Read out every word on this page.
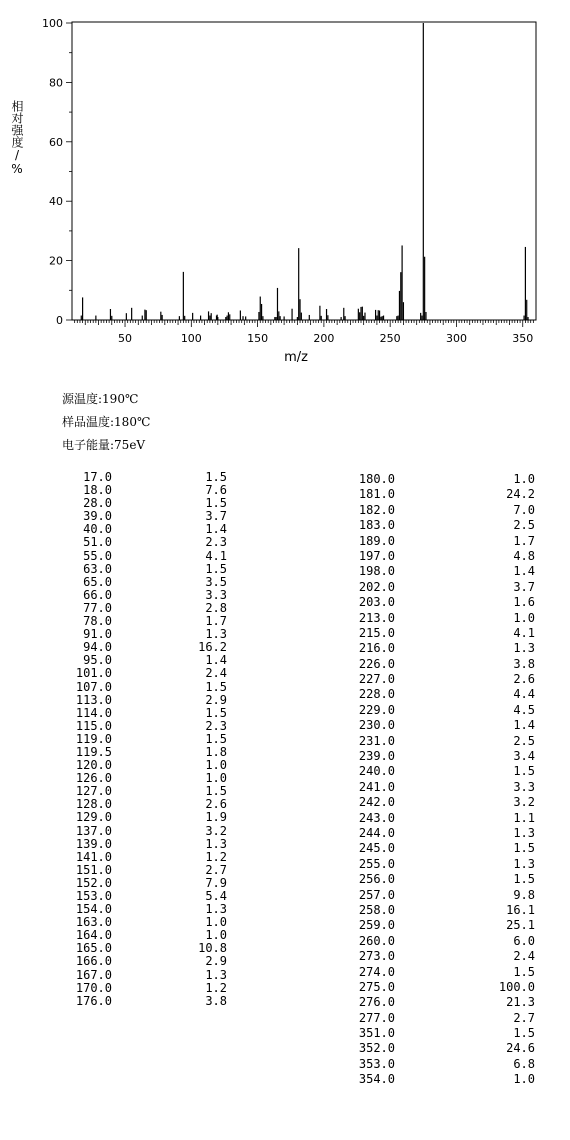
50	100	150	200	250	300	350
0
20
40
60
80
100
m/z
相对强度/%
源温度:190℃
样品温度:180℃
电子能量:75eV
17.0	1.5
18.0	7.6
28.0	1.5
39.0	3.7
40.0	1.4
51.0	2.3
55.0	4.1
63.0	1.5
65.0	3.5
66.0	3.3
77.0	2.8
78.0	1.7
91.0	1.3
94.0	16.2
95.0	1.4
101.0	2.4
107.0	1.5
113.0	2.9
114.0	1.5
115.0	2.3
119.0	1.5
119.5	1.8
120.0	1.0
126.0	1.0
127.0	1.5
128.0	2.6
129.0	1.9
137.0	3.2
139.0	1.3
141.0	1.2
151.0	2.7
152.0	7.9
153.0	5.4
154.0	1.3
163.0	1.0
164.0	1.0
165.0	10.8
166.0	2.9
167.0	1.3
170.0	1.2
176.0	3.8
180.0	1.0
181.0	24.2
182.0	7.0
183.0	2.5
189.0	1.7
197.0	4.8
198.0	1.4
202.0	3.7
203.0	1.6
213.0	1.0
215.0	4.1
216.0	1.3
226.0	3.8
227.0	2.6
228.0	4.4
229.0	4.5
230.0	1.4
231.0	2.5
239.0	3.4
240.0	1.5
241.0	3.3
242.0	3.2
243.0	1.1
244.0	1.3
245.0	1.5
255.0	1.3
256.0	1.5
257.0	9.8
258.0	16.1
259.0	25.1
260.0	6.0
273.0	2.4
274.0	1.5
275.0	100.0
276.0	21.3
277.0	2.7
351.0	1.5
352.0	24.6
353.0	6.8
354.0	1.0
